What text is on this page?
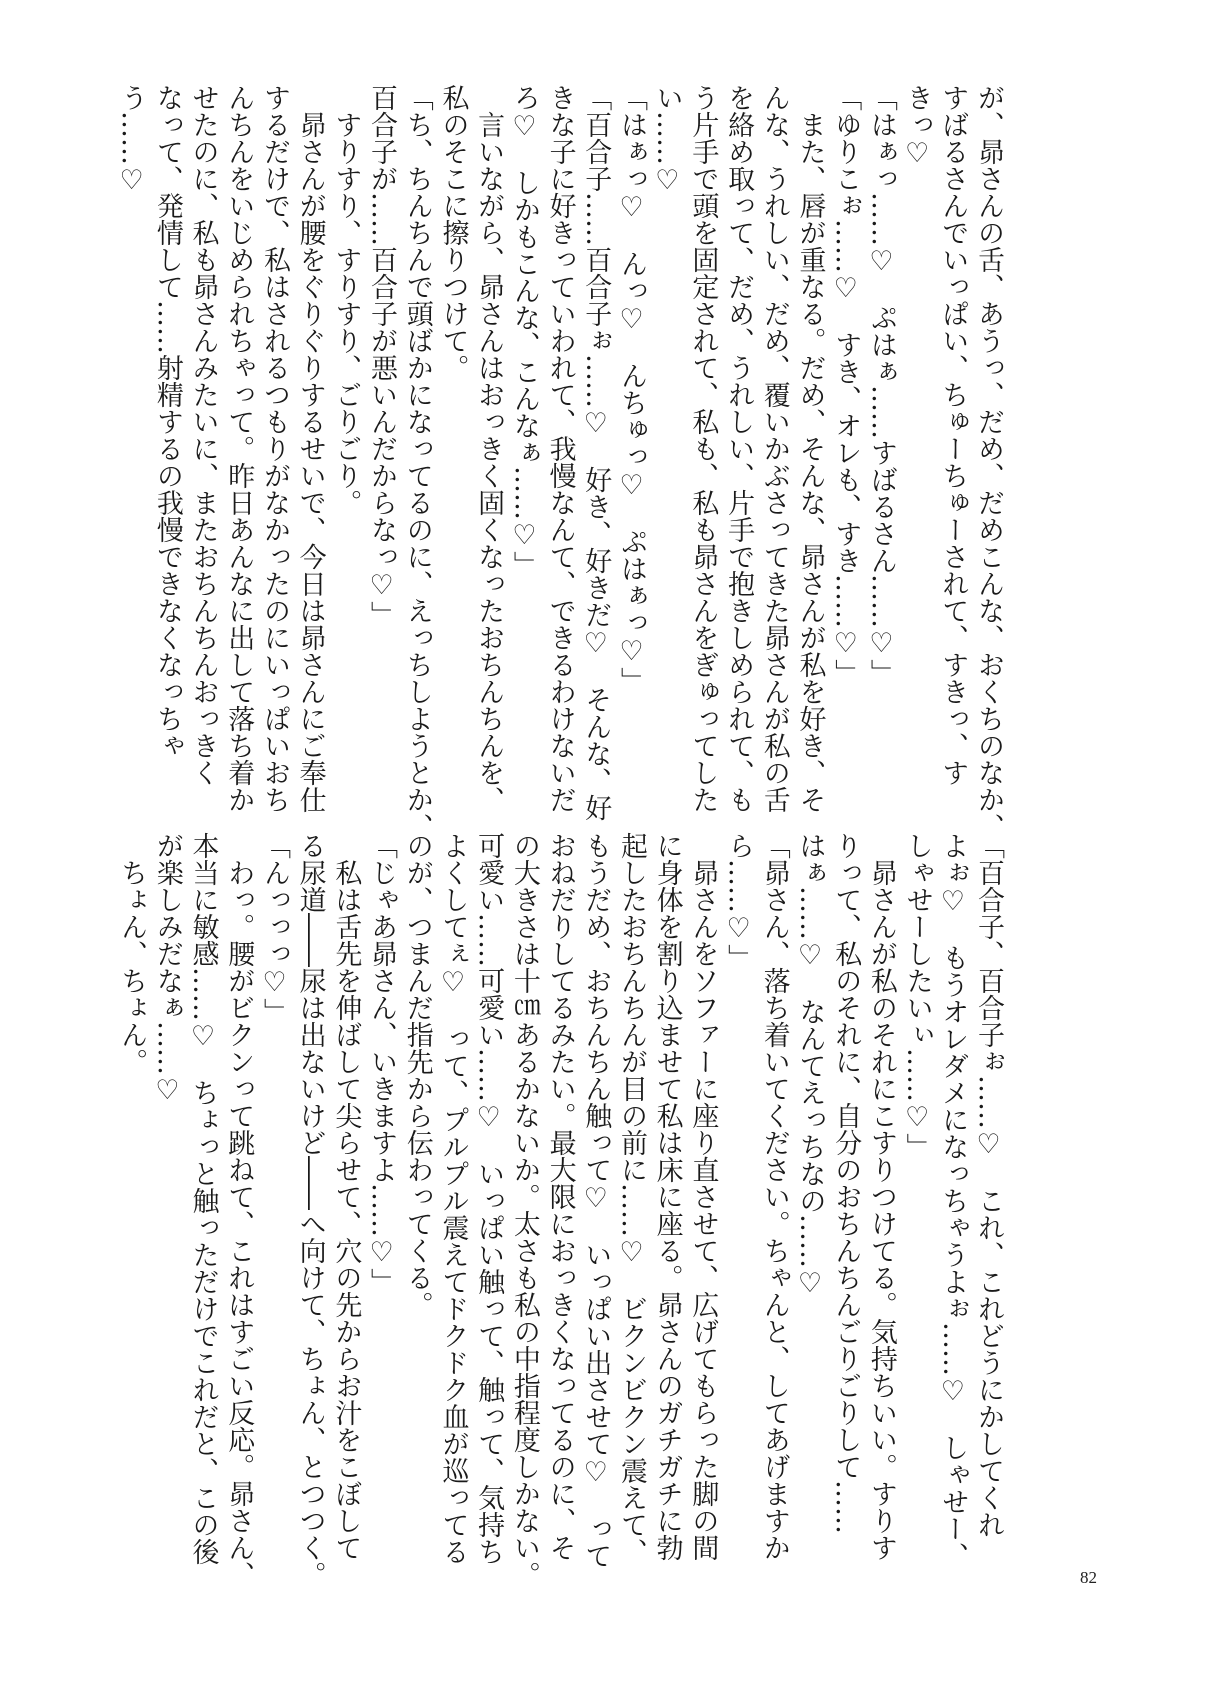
が、昴さんの舌、あうっ、だめ、だめこんな、おくちのなか、
すばるさんでいっぱい、ちゅーちゅーされて、すきっ、す
きっ♡
「はぁっ……♡　ぷはぁ……すばるさん……♡」
「ゆりこぉ……♡　すき、オレも、すき……♡」
　また、唇が重なる。だめ、そんな、昴さんが私を好き、そ
んな、うれしい、だめ、覆いかぶさってきた昴さんが私の舌
を絡め取って、だめ、うれしい、片手で抱きしめられて、も
う片手で頭を固定されて、私も、私も昴さんをぎゅってした
い……♡
「はぁっ♡　んっ♡　んちゅっ♡　ぷはぁっ♡」
「百合子……百合子ぉ……♡　好き、好きだ♡　そんな、好
きな子に好きっていわれて、我慢なんて、できるわけないだ
ろ♡　しかもこんな、こんなぁ……♡」
　言いながら、昴さんはおっきく固くなったおちんちんを、
私のそこに擦りつけて。
「ち、ちんちんで頭ばかになってるのに、えっちしようとか、
百合子が……百合子が悪いんだからなっ♡」
　すりすり、すりすり、ごりごり。
　昴さんが腰をぐりぐりするせいで、今日は昴さんにご奉仕
するだけで、私はされるつもりがなかったのにいっぱいおち
んちんをいじめられちゃって。昨日あんなに出して落ち着か
せたのに、私も昴さんみたいに、またおちんちんおっきく
なって、発情して……射精するの我慢できなくなっちゃ
う……♡
「百合子、百合子ぉ……♡　これ、これどうにかしてくれ
よぉ♡　もうオレダメになっちゃうよぉ……♡　しゃせー、
しゃせーしたいぃ……♡」
　昴さんが私のそれにこすりつけてる。気持ちいい。すりす
りって、私のそれに、自分のおちんちんごりごりして……
はぁ……♡　なんてえっちなの……♡
「昴さん、落ち着いてください。ちゃんと、してあげますか
ら……♡」
　昴さんをソファーに座り直させて、広げてもらった脚の間
に身体を割り込ませて私は床に座る。昴さんのガチガチに勃
起したおちんちんが目の前に……♡　ビクンビクン震えて、
もうだめ、おちんちん触って♡　いっぱい出させて♡　って
おねだりしてるみたい。最大限におっきくなってるのに、そ
の大きさは十㎝あるかないか。太さも私の中指程度しかない。
可愛い……可愛い……♡　いっぱい触って、触って、気持ち
よくしてぇ♡　って、プルプル震えてドクドク血が巡ってる
のが、つまんだ指先から伝わってくる。
「じゃあ昴さん、いきますよ……♡」
　私は舌先を伸ばして尖らせて、穴の先からお汁をこぼして
る尿道――尿は出ないけど――へ向けて、ちょん、とつつく。
「んっっっ♡」
　わっ。腰がビクンって跳ねて、これはすごい反応。昴さん、
本当に敏感……♡　ちょっと触っただけでこれだと、この後
が楽しみだなぁ……♡
　ちょん、ちょん。
82
